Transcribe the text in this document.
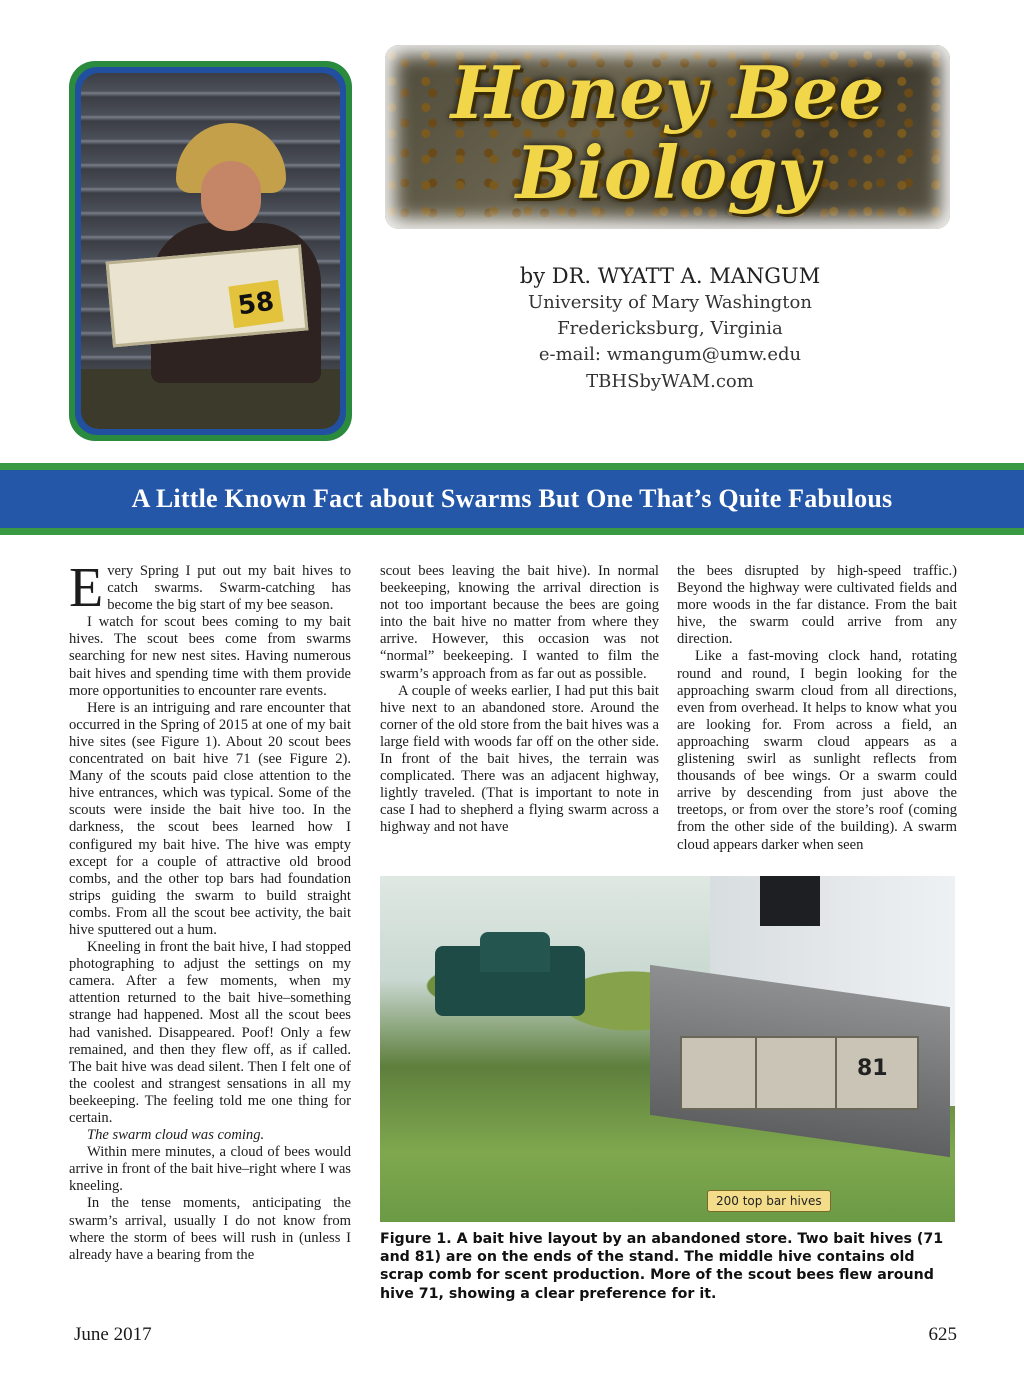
58
Honey Bee Biology
by DR. WYATT A. MANGUM
University of Mary Washington
Fredericksburg, Virginia
e-mail: wmangum@umw.edu
TBHSbyWAM.com
A Little Known Fact about Swarms But One That’s Quite Fabulous

Every Spring I put out my bait hives to catch swarms. Swarm-catching has become the big start of my bee season.

I watch for scout bees coming to my bait hives. The scout bees come from swarms searching for new nest sites. Having numerous bait hives and spending time with them provide more opportunities to encounter rare events.

Here is an intriguing and rare encounter that occurred in the Spring of 2015 at one of my bait hive sites (see Figure 1). About 20 scout bees concentrated on bait hive 71 (see Figure 2). Many of the scouts paid close attention to the hive entrances, which was typical. Some of the scouts were inside the bait hive too. In the darkness, the scout bees learned how I configured my bait hive. The hive was empty except for a couple of attractive old brood combs, and the other top bars had foundation strips guiding the swarm to build straight combs. From all the scout bee activity, the bait hive sputtered out a hum.

Kneeling in front the bait hive, I had stopped photographing to adjust the settings on my camera. After a few moments, when my attention returned to the bait hive–something strange had happened. Most all the scout bees had vanished. Disappeared. Poof! Only a few remained, and then they flew off, as if called. The bait hive was dead silent. Then I felt one of the coolest and strangest sensations in all my beekeeping. The feeling told me one thing for certain.

The swarm cloud was coming.

Within mere minutes, a cloud of bees would arrive in front of the bait hive–right where I was kneeling.

In the tense moments, anticipating the swarm’s arrival, usually I do not know from where the storm of bees will rush in (unless I already have a bearing from the

scout bees leaving the bait hive). In normal beekeeping, knowing the arrival direction is not too important because the bees are going into the bait hive no matter from where they arrive. However, this occasion was not “normal” beekeeping. I wanted to film the swarm’s approach from as far out as possible.

A couple of weeks earlier, I had put this bait hive next to an abandoned store. Around the corner of the old store from the bait hives was a large field with woods far off on the other side. In front of the bait hives, the terrain was complicated. There was an adjacent highway, lightly traveled. (That is important to note in case I had to shepherd a flying swarm across a highway and not have

the bees disrupted by high-speed traffic.) Beyond the highway were cultivated fields and more woods in the far distance. From the bait hive, the swarm could arrive from any direction.

Like a fast-moving clock hand, rotating round and round, I begin looking for the approaching swarm cloud from all directions, even from overhead. It helps to know what you are looking for. From across a field, an approaching swarm cloud appears as a glistening swirl as sunlight reflects from thousands of bee wings. Or a swarm could arrive by descending from just above the treetops, or from over the store’s roof (coming from the other side of the building). A swarm cloud appears darker when seen

81
200 top bar hives
Figure 1. A bait hive layout by an abandoned store. Two bait hives (71 and 81) are on the ends of the stand. The middle hive contains old scrap comb for scent production. More of the scout bees flew around hive 71, showing a clear preference for it.
June 2017	625
